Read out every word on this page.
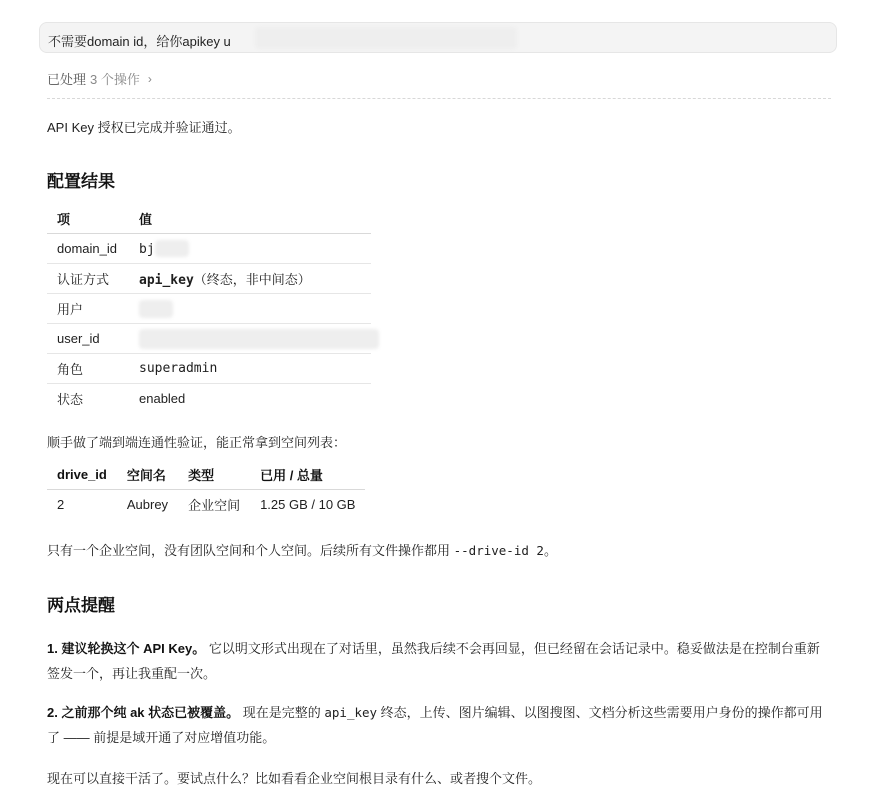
不需要domain id，给你apikey u
已处理 3 个操作 ›
API Key 授权已完成并验证通过。
配置结果
项	值
domain_id	bj

认证方式	api_key（终态，非中间态）
用户	

user_id	

角色	superadmin
状态	enabled
顺手做了端到端连通性验证，能正常拿到空间列表：
drive_id	空间名	类型	已用 / 总量
2	Aubrey	企业空间	1.25 GB / 10 GB
只有一个企业空间，没有团队空间和个人空间。后续所有文件操作都用 --drive-id 2。
两点提醒
1. 建议轮换这个 API Key。 它以明文形式出现在了对话里，虽然我后续不会再回显，但已经留在会话记录中。稳妥做法是在控制台重新签发一个，再让我重配一次。
2. 之前那个纯 ak 状态已被覆盖。 现在是完整的 api_key 终态，上传、图片编辑、以图搜图、文档分析这些需要用户身份的操作都可用了 —— 前提是域开通了对应增值功能。
现在可以直接干活了。要试点什么？比如看看企业空间根目录有什么、或者搜个文件。
